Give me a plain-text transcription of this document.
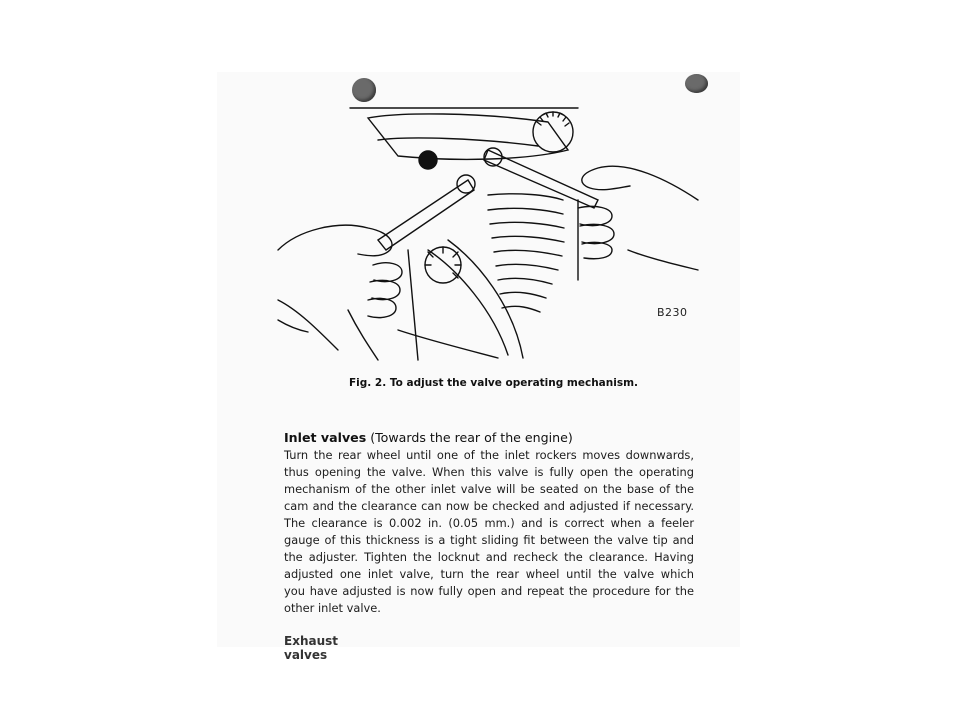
B230
Fig. 2. To adjust the valve operating mechanism.
Inlet valves (Towards the rear of the engine)
Turn the rear wheel until one of the inlet rockers moves downwards,
thus opening the valve. When this valve is fully open the operating
mechanism of the other inlet valve will be seated on the base of the
cam and the clearance can now be checked and adjusted if necessary.
The clearance is 0.002 in. (0.05 mm.) and is correct when a feeler
gauge of this thickness is a tight sliding fit between the valve tip and
the adjuster. Tighten the locknut and recheck the clearance. Having
adjusted one inlet valve, turn the rear wheel until the valve which
you have adjusted is now fully open and repeat the procedure for the
other inlet valve.
Exhaust valves
